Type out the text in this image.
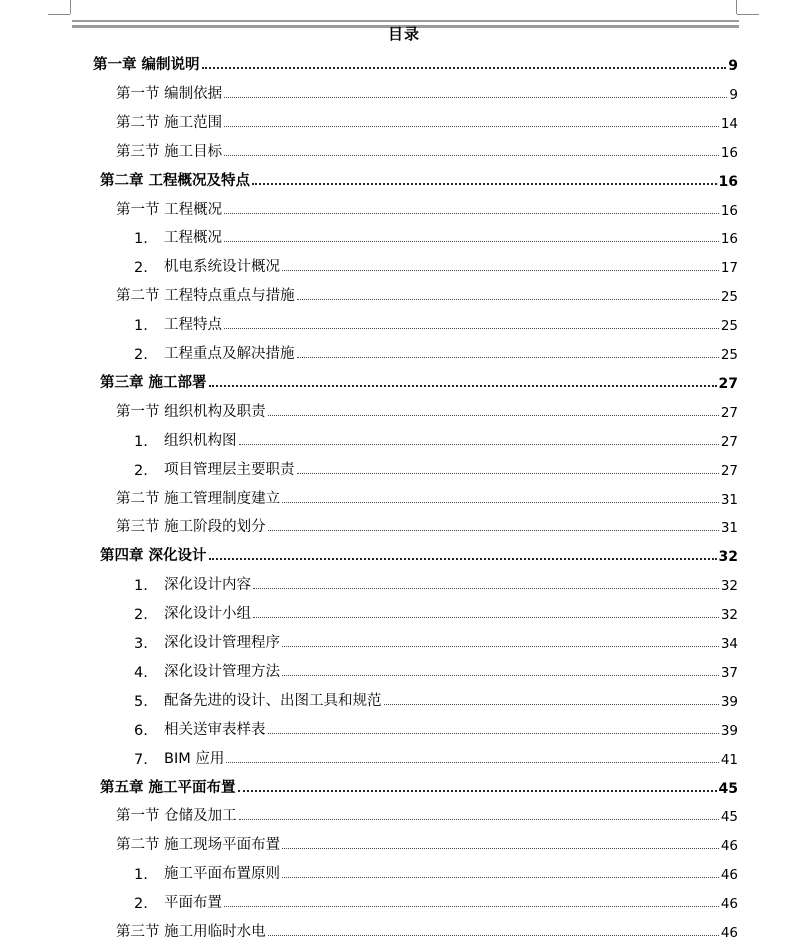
目录
第一章 编制说明	9
第一节 编制依据	9
第二节 施工范围	14
第三节 施工目标	16
第二章 工程概况及特点	16
第一节 工程概况	16
1.	工程概况	16
2.	机电系统设计概况	17
第二节 工程特点重点与措施	25
1.	工程特点	25
2.	工程重点及解决措施	25
第三章 施工部署	27
第一节 组织机构及职责	27
1.	组织机构图	27
2.	项目管理层主要职责	27
第二节 施工管理制度建立	31
第三节 施工阶段的划分	31
第四章 深化设计	32
1.	深化设计内容	32
2.	深化设计小组	32
3.	深化设计管理程序	34
4.	深化设计管理方法	37
5.	配备先进的设计、出图工具和规范	39
6.	相关送审表样表	39
7.	BIM 应用	41
第五章 施工平面布置	45
第一节 仓储及加工	45
第二节 施工现场平面布置	46
1.	施工平面布置原则	46
2.	平面布置	46
第三节 施工用临时水电	46
